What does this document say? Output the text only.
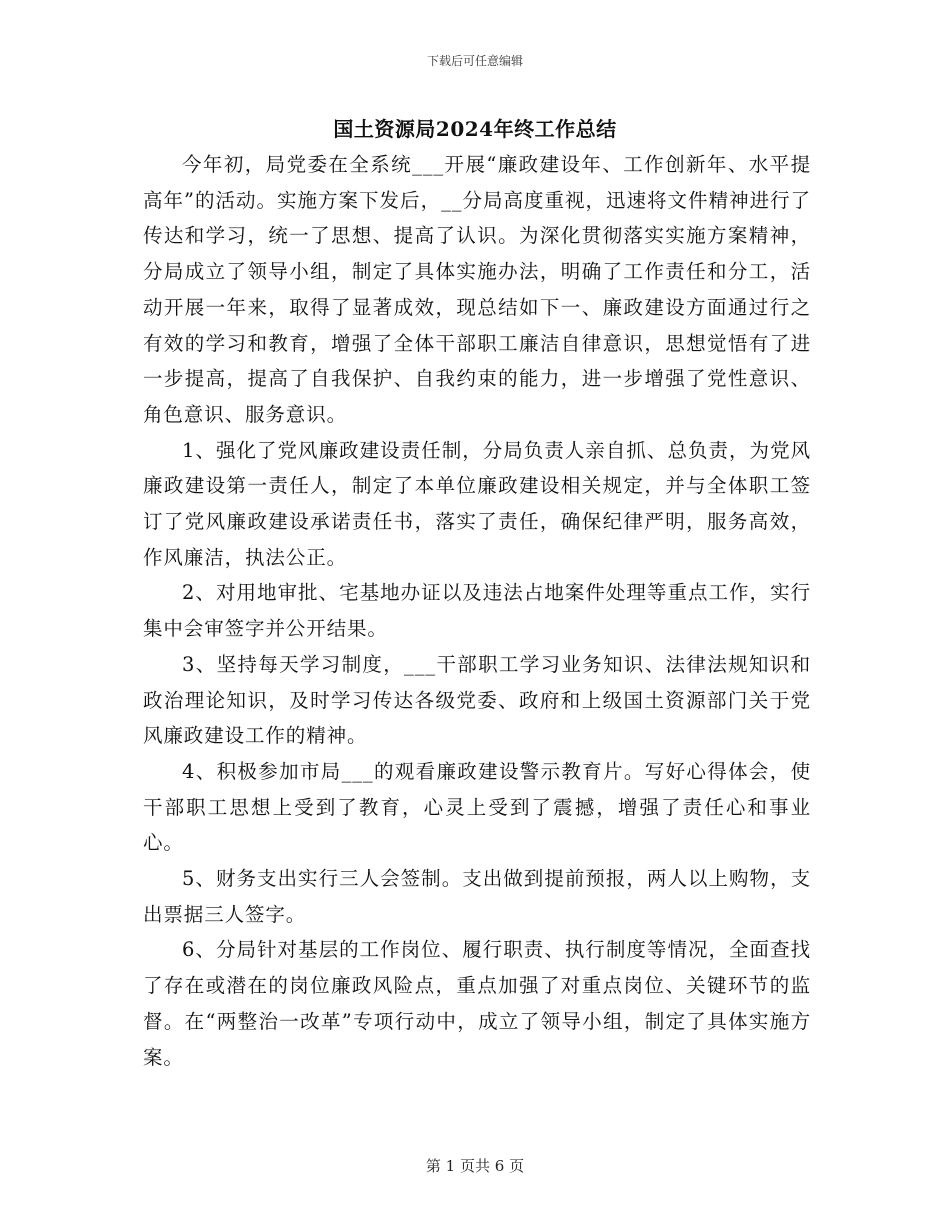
下载后可任意编辑
国土资源局2024年终工作总结

今年初，局党委在全系统___开展“廉政建设年、工作创新年、水平提高年”的活动。实施方案下发后，__分局高度重视，迅速将文件精神进行了传达和学习，统一了思想、提高了认识。为深化贯彻落实实施方案精神，分局成立了领导小组，制定了具体实施办法，明确了工作责任和分工，活动开展一年来，取得了显著成效，现总结如下一、廉政建设方面通过行之有效的学习和教育，增强了全体干部职工廉洁自律意识，思想觉悟有了进一步提高，提高了自我保护、自我约束的能力，进一步增强了党性意识、角色意识、服务意识。

1、强化了党风廉政建设责任制，分局负责人亲自抓、总负责，为党风廉政建设第一责任人，制定了本单位廉政建设相关规定，并与全体职工签订了党风廉政建设承诺责任书，落实了责任，确保纪律严明，服务高效，作风廉洁，执法公正。

2、对用地审批、宅基地办证以及违法占地案件处理等重点工作，实行集中会审签字并公开结果。

3、坚持每天学习制度，___干部职工学习业务知识、法律法规知识和政治理论知识，及时学习传达各级党委、政府和上级国土资源部门关于党风廉政建设工作的精神。

4、积极参加市局___的观看廉政建设警示教育片。写好心得体会，使干部职工思想上受到了教育，心灵上受到了震撼，增强了责任心和事业心。

5、财务支出实行三人会签制。支出做到提前预报，两人以上购物，支出票据三人签字。

6、分局针对基层的工作岗位、履行职责、执行制度等情况，全面查找了存在或潜在的岗位廉政风险点，重点加强了对重点岗位、关键环节的监督。在“两整治一改革”专项行动中，成立了领导小组，制定了具体实施方案。

第 1 页共 6 页
